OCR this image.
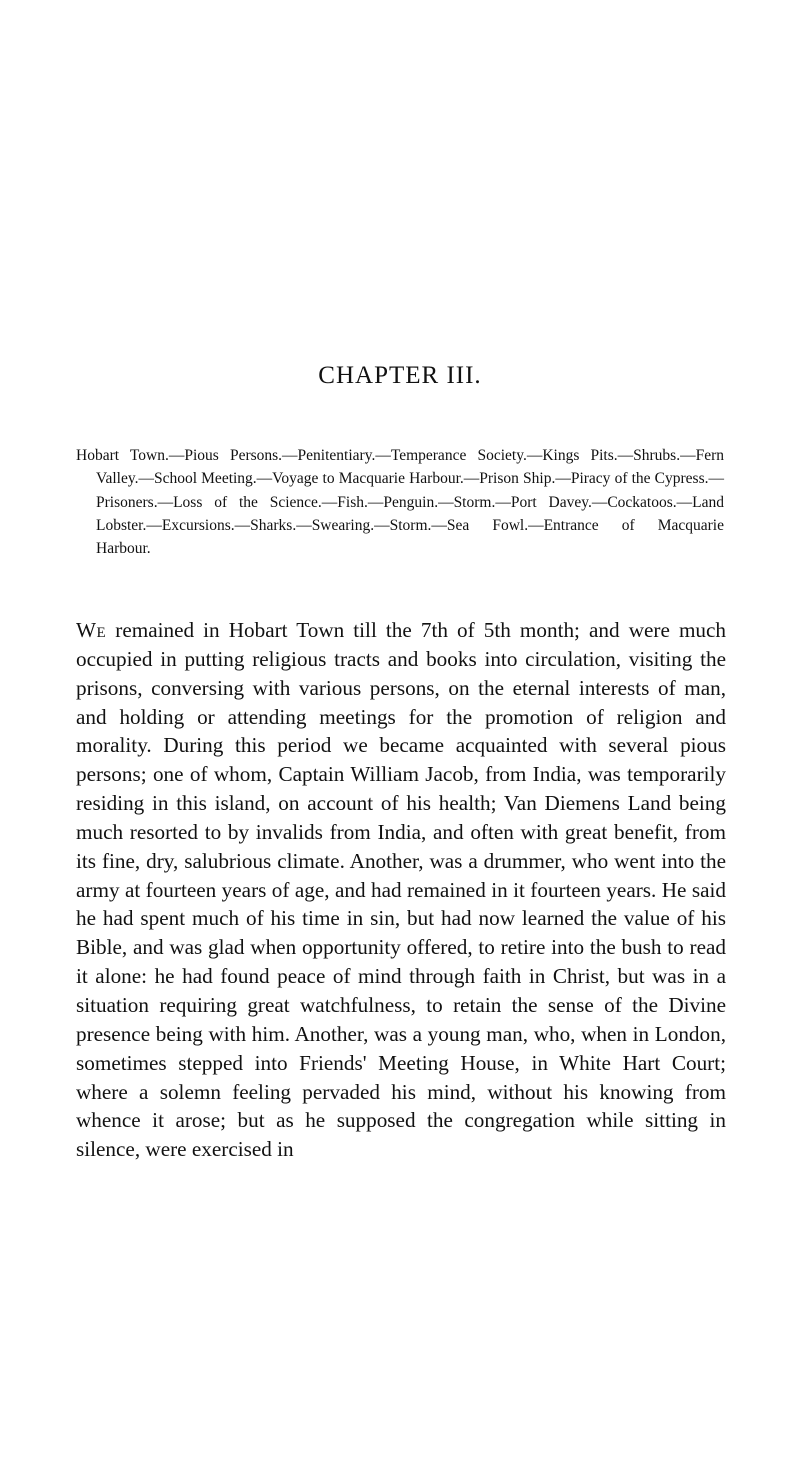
CHAPTER III.

Hobart Town.—Pious Persons.—Penitentiary.—Temperance Society.—Kings Pits.—Shrubs.—Fern Valley.—School Meeting.—Voyage to Macquarie Harbour.—Prison Ship.—Piracy of the Cypress.—Prisoners.—Loss of the Science.—Fish.—Penguin.—Storm.—Port Davey.—Cockatoos.—Land Lobster.—Excursions.—Sharks.—Swearing.—Storm.—Sea Fowl.—Entrance of Macquarie Harbour.

We remained in Hobart Town till the 7th of 5th month; and were much occupied in putting religious tracts and books into circulation, visiting the prisons, conversing with various persons, on the eternal interests of man, and holding or attending meetings for the promotion of religion and morality. During this period we became acquainted with several pious persons; one of whom, Captain William Jacob, from India, was temporarily residing in this island, on account of his health; Van Diemens Land being much resorted to by invalids from India, and often with great benefit, from its fine, dry, salubrious climate. Another, was a drummer, who went into the army at fourteen years of age, and had remained in it fourteen years. He said he had spent much of his time in sin, but had now learned the value of his Bible, and was glad when opportunity offered, to retire into the bush to read it alone: he had found peace of mind through faith in Christ, but was in a situation requiring great watchfulness, to retain the sense of the Divine presence being with him. Another, was a young man, who, when in London, sometimes stepped into Friends' Meeting House, in White Hart Court; where a solemn feeling pervaded his mind, without his knowing from whence it arose; but as he supposed the congregation while sitting in silence, were exercised in
